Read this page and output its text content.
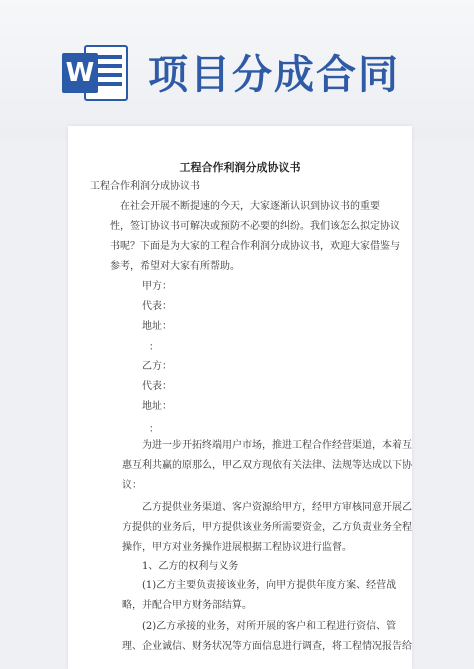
W 项目分成合同
工程合作利润分成协议书
工程合作利润分成协议书
在社会开展不断提速的今天，大家逐渐认识到协议书的重要
性，签订协议书可解决或预防不必要的纠纷。我们该怎么拟定协议
书呢？下面是为大家的工程合作利润分成协议书，欢迎大家借鉴与
参考，希望对大家有所帮助。
甲方：
代表：
地址：
：
乙方：
代表：
地址：
：
为进一步开拓终端用户市场，推进工程合作经营渠道，本着互
惠互利共赢的原那么，甲乙双方现依有关法律、法规等达成以下协
议：
乙方提供业务渠道、客户资源给甲方，经甲方审核同意开展乙
方提供的业务后，甲方提供该业务所需要资金，乙方负责业务全程
操作，甲方对业务操作进展根据工程协议进行监督。
1、乙方的权利与义务
(1)乙方主要负责接该业务，向甲方提供年度方案、经营战
略，并配合甲方财务部结算。
(2)乙方承接的业务，对所开展的客户和工程进行资信、管
理、企业诚信、财务状况等方面信息进行调查，将工程情况报告给
